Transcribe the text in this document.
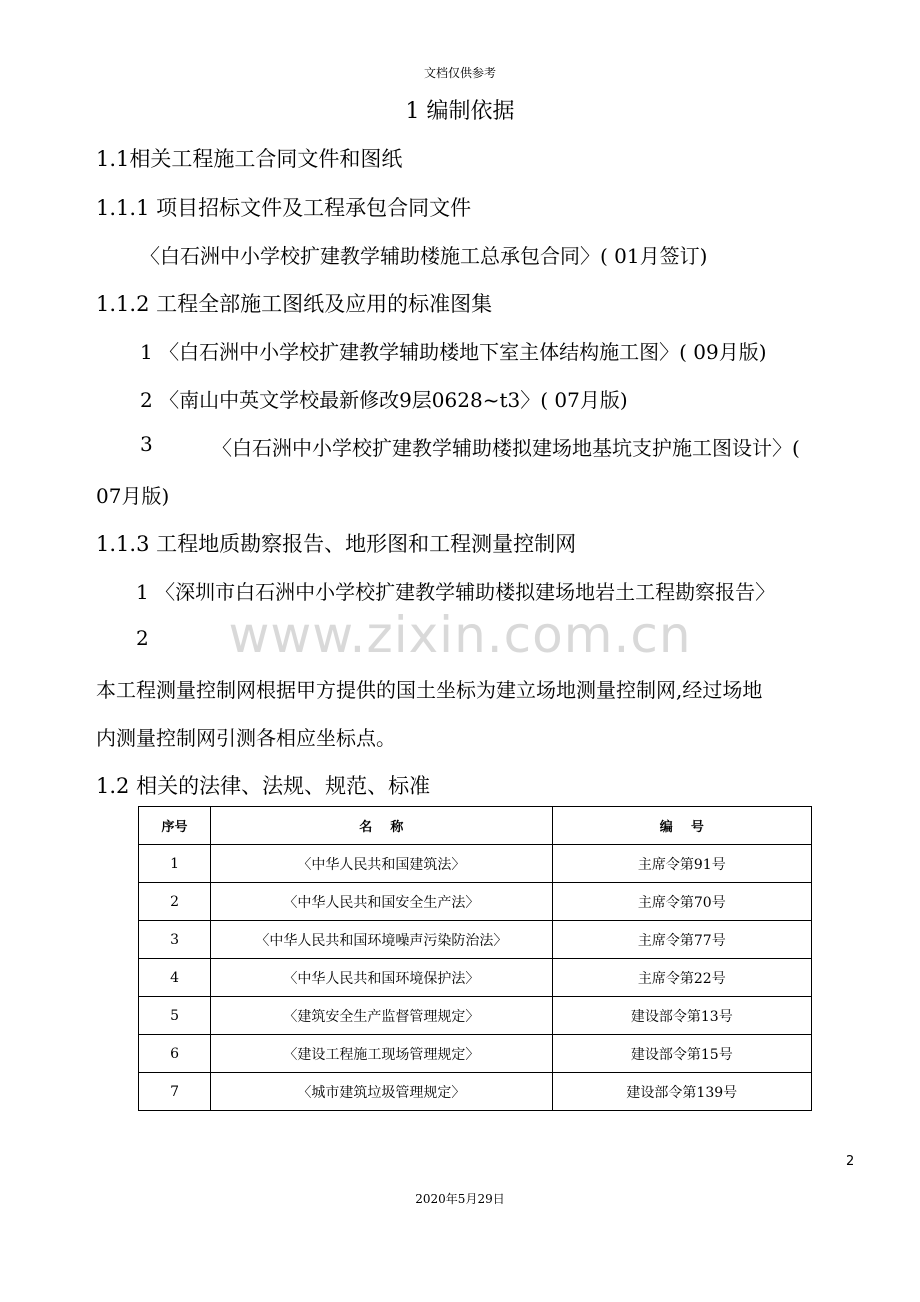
文档仅供参考
1 编制依据
1.1相关工程施工合同文件和图纸
1.1.1 项目招标文件及工程承包合同文件
〈白石洲中小学校扩建教学辅助楼施工总承包合同〉( 01月签订)
1.1.2 工程全部施工图纸及应用的标准图集
1 〈白石洲中小学校扩建教学辅助楼地下室主体结构施工图〉( 09月版)
2 〈南山中英文学校最新修改9层0628~t3〉( 07月版)
3	〈白石洲中小学校扩建教学辅助楼拟建场地基坑支护施工图设计〉(
07月版)
1.1.3 工程地质勘察报告、地形图和工程测量控制网
1 〈深圳市白石洲中小学校扩建教学辅助楼拟建场地岩土工程勘察报告〉
2	www.zixin.com.cn
本工程测量控制网根据甲方提供的国土坐标为建立场地测量控制网,经过场地
内测量控制网引测各相应坐标点。
1.2 相关的法律、法规、规范、标准
序号	名    称	编    号
1	〈中华人民共和国建筑法〉	主席令第91号
2	〈中华人民共和国安全生产法〉	主席令第70号
3	〈中华人民共和国环境噪声污染防治法〉	主席令第77号
4	〈中华人民共和国环境保护法〉	主席令第22号
5	〈建筑安全生产监督管理规定〉	建设部令第13号
6	〈建设工程施工现场管理规定〉	建设部令第15号
7	〈城市建筑垃圾管理规定〉	建设部令第139号
2
2020年5月29日
